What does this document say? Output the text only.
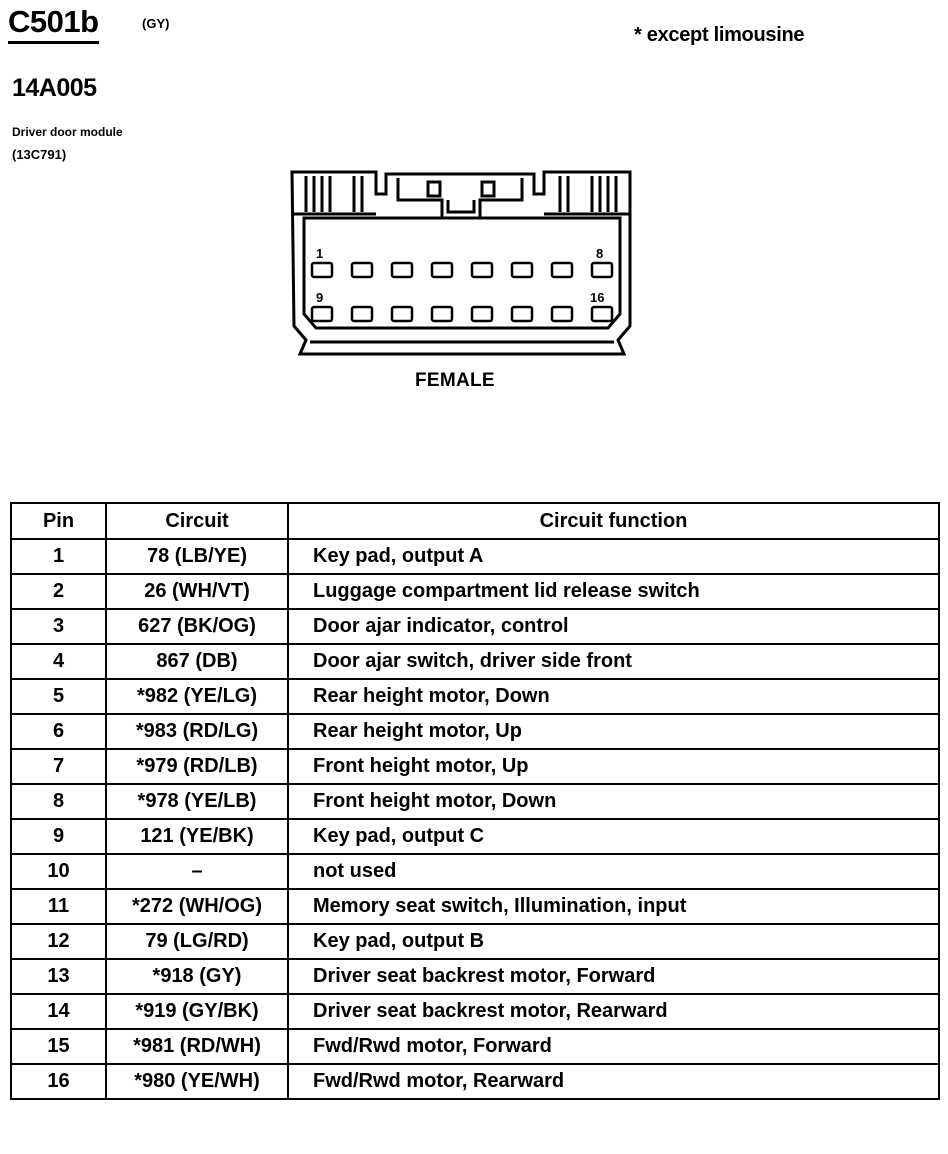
C501b	(GY)
* except limousine
14A005
Driver door module
(13C791)
1	8
9	16
FEMALE
Pin	Circuit	Circuit function
1	78 (LB/YE)	Key pad, output A
2	26 (WH/VT)	Luggage compartment lid release switch
3	627 (BK/OG)	Door ajar indicator, control
4	867 (DB)	Door ajar switch, driver side front
5	*982 (YE/LG)	Rear height motor, Down
6	*983 (RD/LG)	Rear height motor, Up
7	*979 (RD/LB)	Front height motor, Up
8	*978 (YE/LB)	Front height motor, Down
9	121 (YE/BK)	Key pad, output C
10	–	not used
11	*272 (WH/OG)	Memory seat switch, Illumination, input
12	79 (LG/RD)	Key pad, output B
13	*918 (GY)	Driver seat backrest motor, Forward
14	*919 (GY/BK)	Driver seat backrest motor, Rearward
15	*981 (RD/WH)	Fwd/Rwd motor, Forward
16	*980 (YE/WH)	Fwd/Rwd motor, Rearward
